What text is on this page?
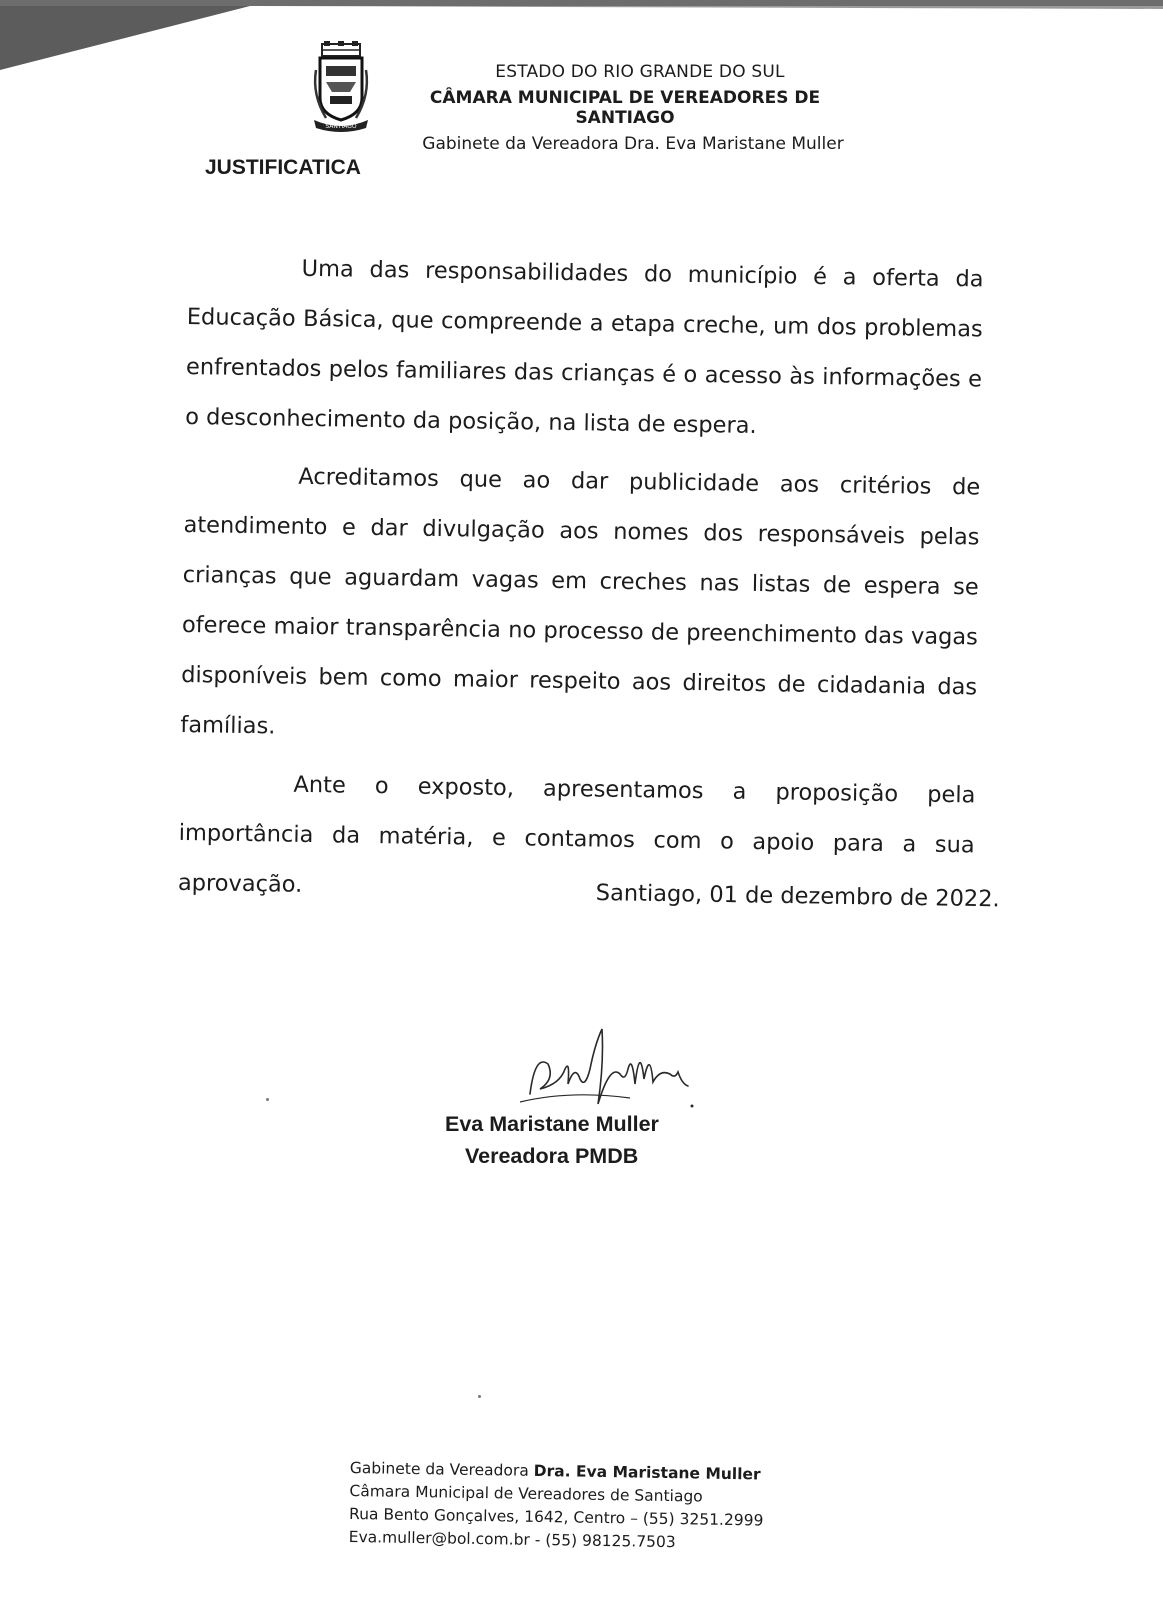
SANTIAGO
ESTADO DO RIO GRANDE DO SUL
CÂMARA MUNICIPAL DE VEREADORES DE SANTIAGO
Gabinete da Vereadora Dra. Eva Maristane Muller
JUSTIFICATICA

Uma das responsabilidades do município é a oferta da Educação Básica, que compreende a etapa creche, um dos problemas enfrentados pelos familiares das crianças é o acesso às informações e o desconhecimento da posição, na lista de espera.

Acreditamos que ao dar publicidade aos critérios de atendimento e dar divulgação aos nomes dos responsáveis pelas crianças que aguardam vagas em creches nas listas de espera se oferece maior transparência no processo de preenchimento das vagas disponíveis bem como maior respeito aos direitos de cidadania das famílias.

Ante o exposto, apresentamos a proposição pela importância da matéria, e contamos com o apoio para a sua aprovação.	Santiago, 01 de dezembro de 2022.
Eva Maristane Muller
Vereadora PMDB
Gabinete da Vereadora Dra. Eva Maristane Muller
Câmara Municipal de Vereadores de Santiago
Rua Bento Gonçalves, 1642, Centro – (55) 3251.2999
Eva.muller@bol.com.br - (55) 98125.7503
